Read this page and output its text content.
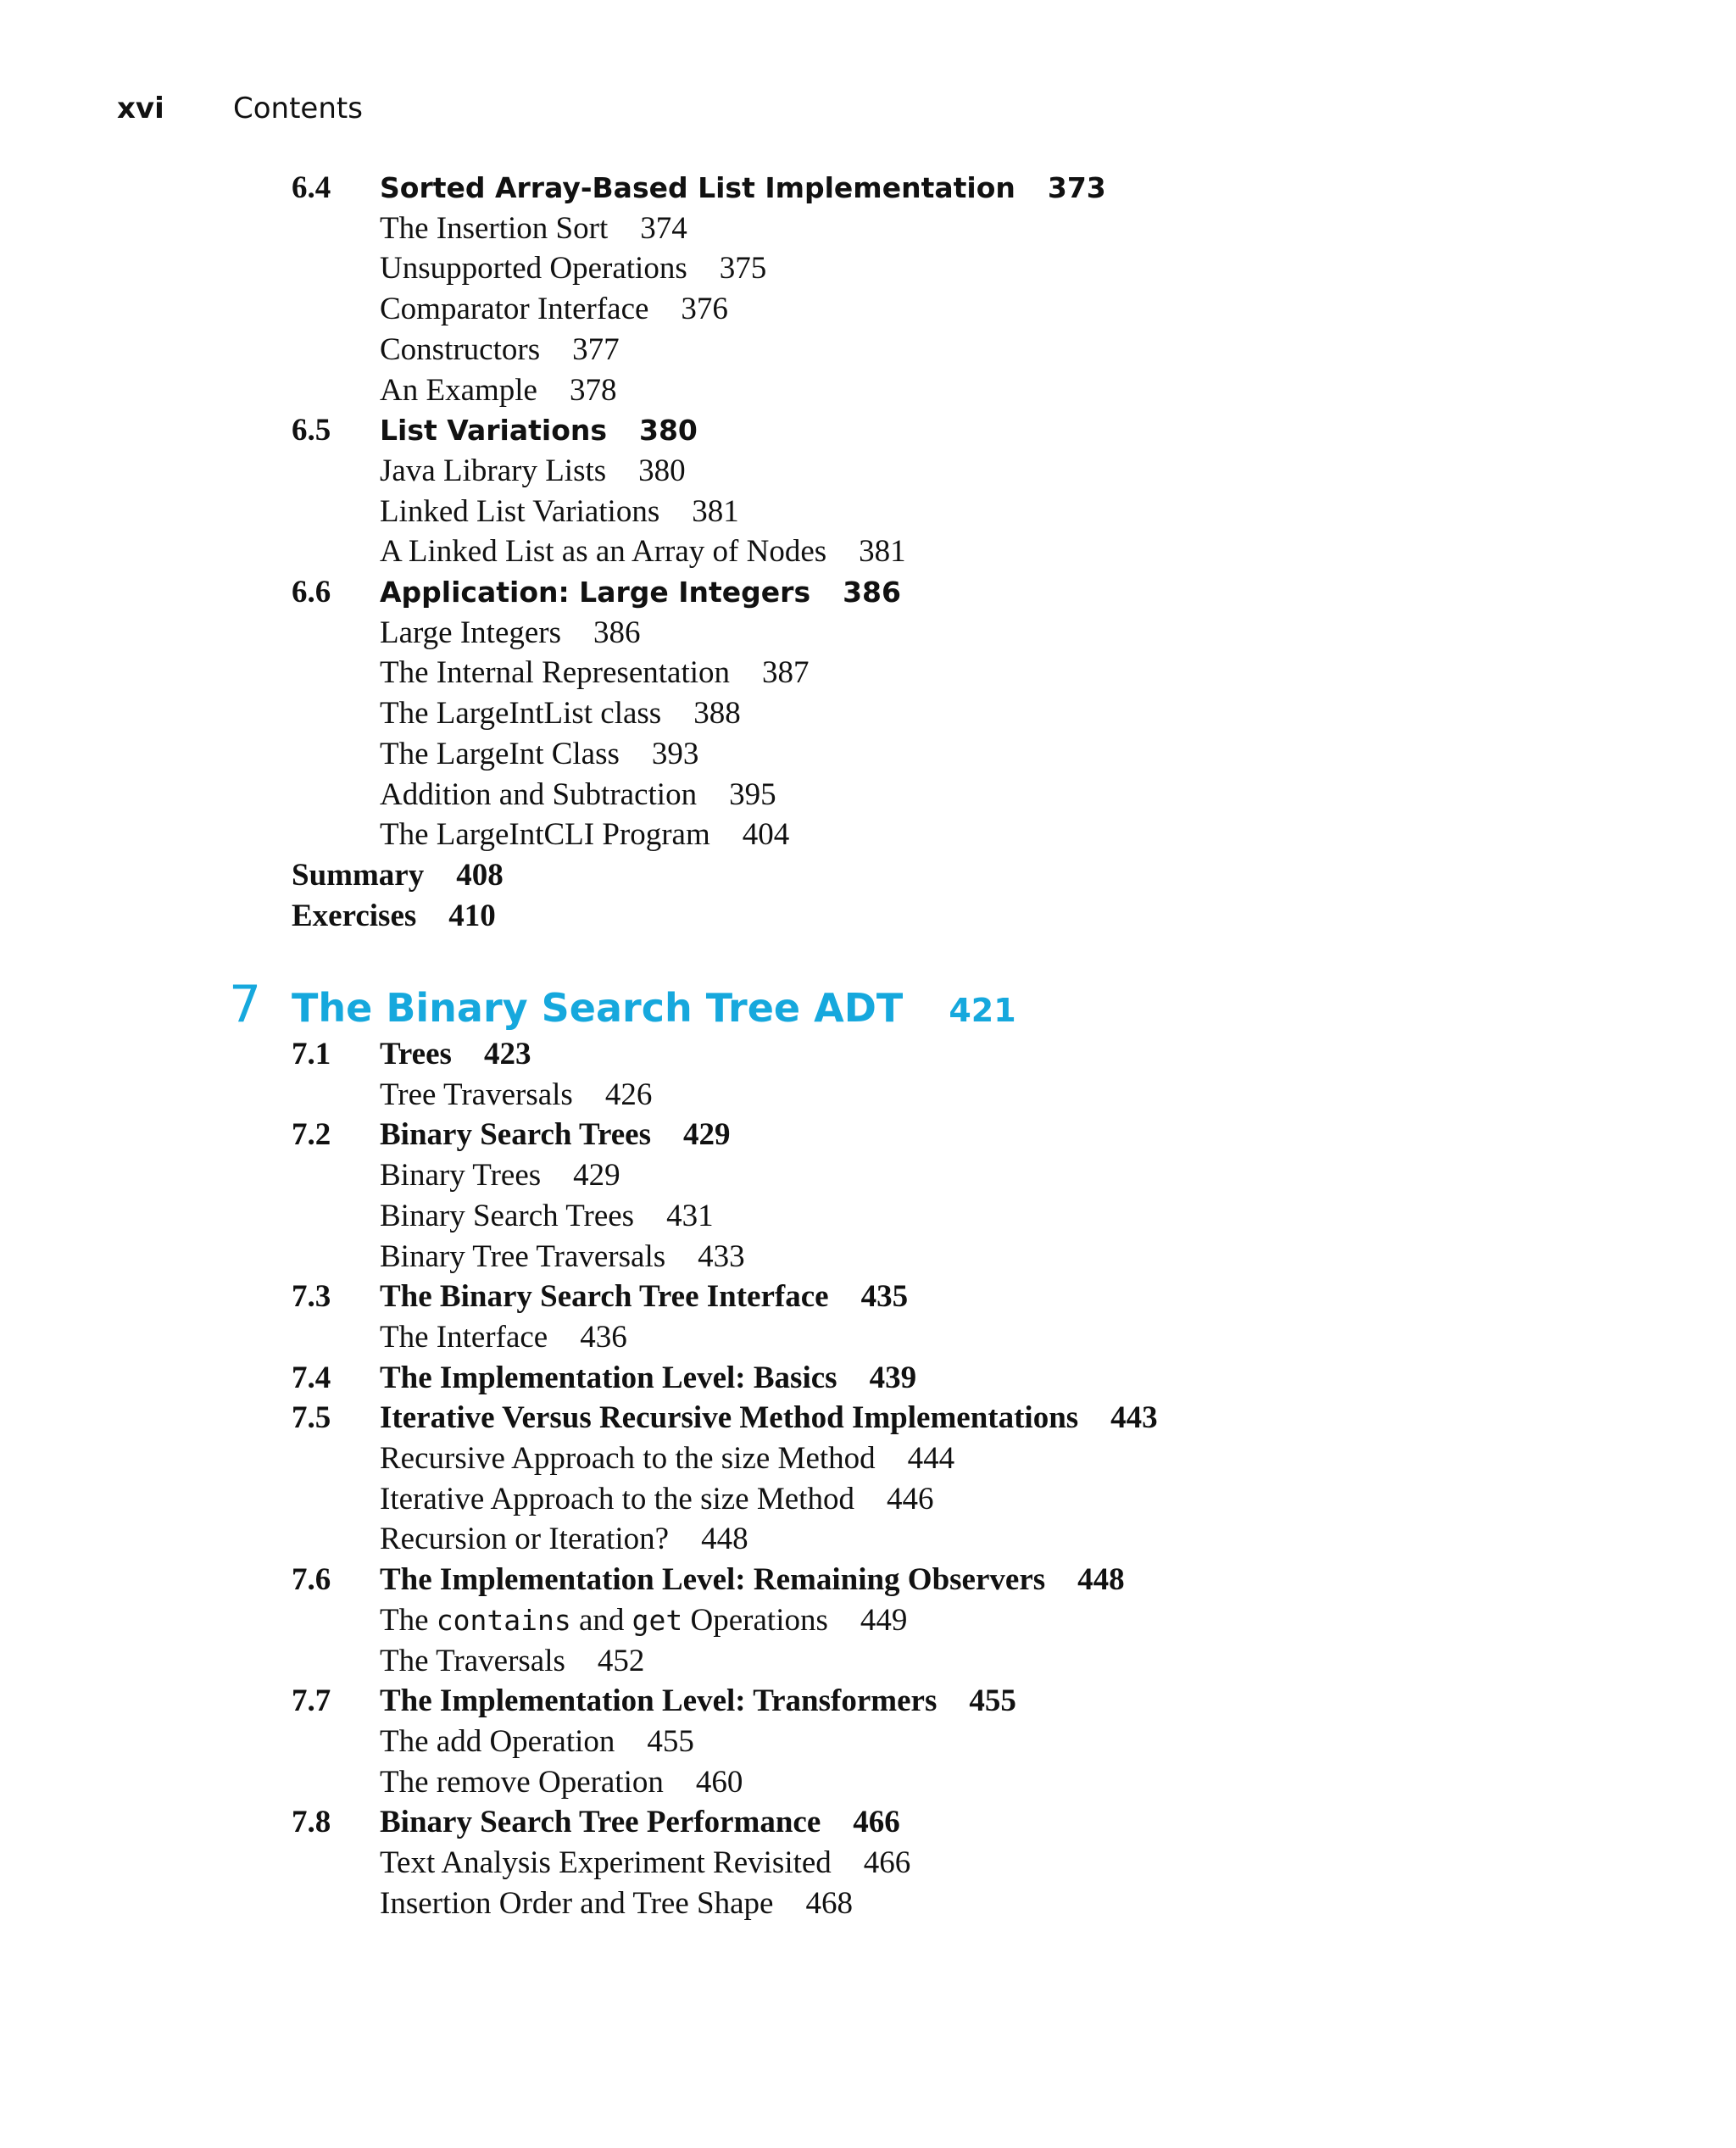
xvi Contents
6.4	Sorted Array-Based List Implementation 373
The Insertion Sort 374
Unsupported Operations 375
Comparator Interface 376
Constructors 377
An Example 378
6.5	List Variations 380
Java Library Lists 380
Linked List Variations 381
A Linked List as an Array of Nodes 381
6.6	Application: Large Integers 386
Large Integers 386
The Internal Representation 387
The LargeIntList class 388
The LargeInt Class 393
Addition and Subtraction 395
The LargeIntCLI Program 404
Summary 408
Exercises 410
7 The Binary Search Tree ADT 421
7.1	Trees 423
Tree Traversals 426
7.2	Binary Search Trees 429
Binary Trees 429
Binary Search Trees 431
Binary Tree Traversals 433
7.3	The Binary Search Tree Interface 435
The Interface 436
7.4	The Implementation Level: Basics 439
7.5	Iterative Versus Recursive Method Implementations 443
Recursive Approach to the size Method 444
Iterative Approach to the size Method 446
Recursion or Iteration? 448
7.6	The Implementation Level: Remaining Observers 448
The contains and get Operations 449
The Traversals 452
7.7	The Implementation Level: Transformers 455
The add Operation 455
The remove Operation 460
7.8	Binary Search Tree Performance 466
Text Analysis Experiment Revisited 466
Insertion Order and Tree Shape 468
